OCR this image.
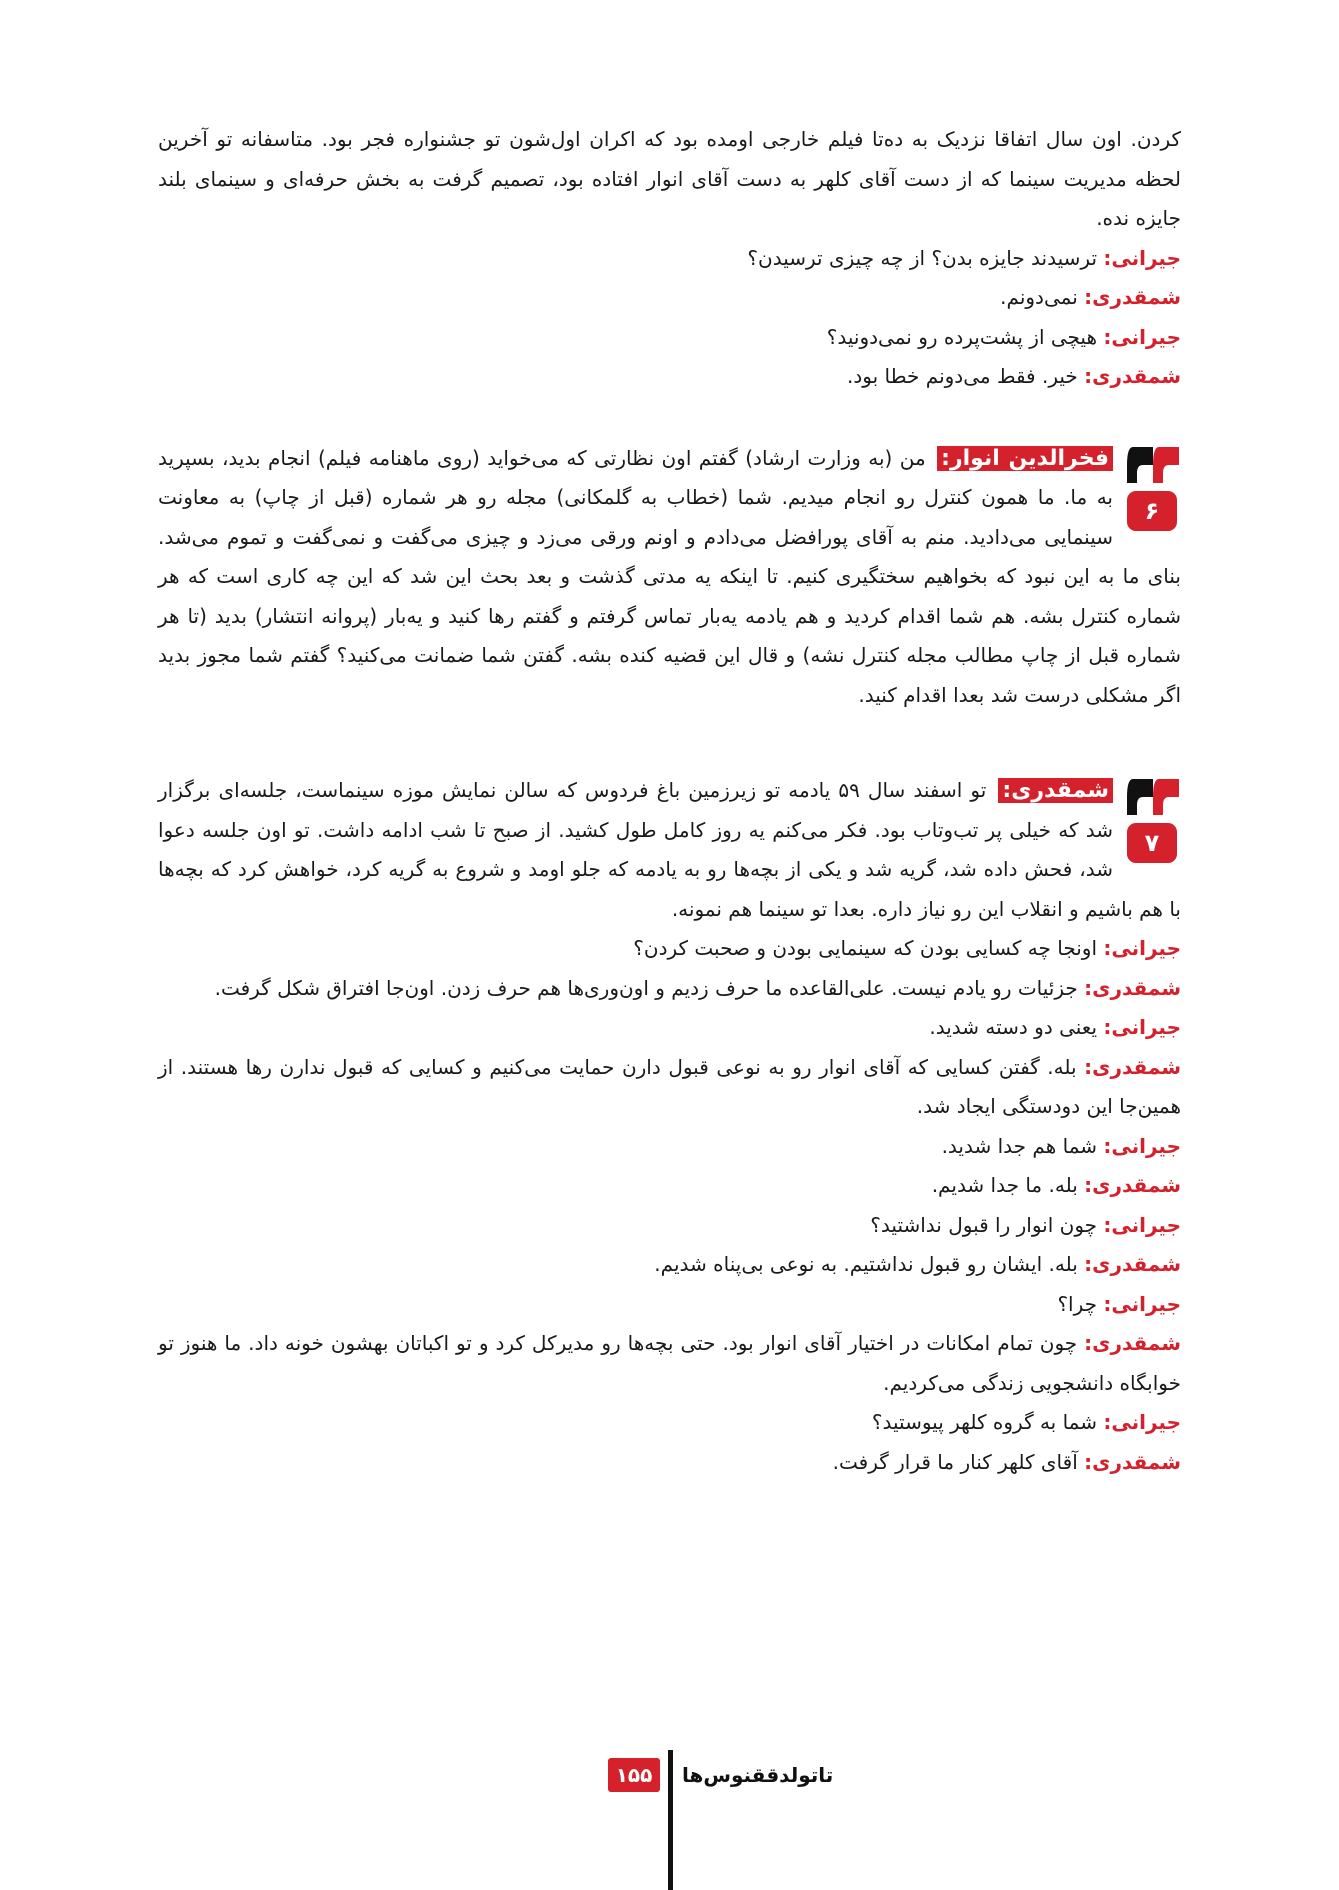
کردن. اون سال اتفاقا نزدیک به ده‌تا فیلم خارجی اومده بود که اکران اول‌شون تو جشنواره فجر بود. متاسفانه تو آخرین لحظه مدیریت سینما که از دست آقای کلهر به دست آقای انوار افتاده بود، تصمیم گرفت به بخش حرفه‌ای و سینمای بلند جایزه نده.

جیرانی: ترسیدند جایزه بدن؟ از چه چیزی ترسیدن؟

شمقدری: نمی‌دونم.

جیرانی: هیچی از پشت‌پرده رو نمی‌دونید؟

شمقدری: خیر. فقط می‌دونم خطا بود.

۶

فخرالدین انوار: من (به وزارت ارشاد) گفتم اون نظارتی که می‌خواید (روی ماهنامه فیلم) انجام بدید، بسپرید به ما. ما همون کنترل رو انجام میدیم. شما (خطاب به گلمکانی) مجله رو هر شماره (قبل از چاپ) به معاونت سینمایی می‌دادید. منم به آقای پورافضل می‌دادم و اونم ورقی می‌زد و چیزی می‌گفت و نمی‌گفت و تموم می‌شد. بنای ما به این نبود که بخواهیم سختگیری کنیم. تا اینکه یه مدتی گذشت و بعد بحث این شد که این چه کاری است که هر شماره کنترل بشه. هم شما اقدام کردید و هم یادمه یه‌بار تماس گرفتم و گفتم رها کنید و یه‌بار (پروانه انتشار) بدید (تا هر شماره قبل از چاپ مطالب مجله کنترل نشه) و قال این قضیه کنده بشه. گفتن شما ضمانت می‌کنید؟ گفتم شما مجوز بدید اگر مشکلی درست شد بعدا اقدام کنید.

۷

شمقدری: تو اسفند سال ۵۹ یادمه تو زیرزمین باغ فردوس که سالن نمایش موزه سینماست، جلسه‌ای برگزار شد که خیلی پر تب‌وتاب بود. فکر می‌کنم یه روز کامل طول کشید. از صبح تا شب ادامه داشت. تو اون جلسه دعوا شد، فحش داده شد، گریه شد و یکی از بچه‌ها رو به یادمه که جلو اومد و شروع به گریه کرد، خواهش کرد که بچه‌ها با هم باشیم و انقلاب این رو نیاز داره. بعدا تو سینما هم نمونه.

جیرانی: اونجا چه کسایی بودن که سینمایی بودن و صحبت کردن؟

شمقدری: جزئیات رو یادم نیست. علی‌القاعده ما حرف زدیم و اون‌وری‌ها هم حرف زدن. اون‌جا افتراق شکل گرفت.

جیرانی: یعنی دو دسته شدید.

شمقدری: بله. گفتن کسایی که آقای انوار رو به نوعی قبول دارن حمایت می‌کنیم و کسایی که قبول ندارن رها هستند. از همین‌جا این دودستگی ایجاد شد.

جیرانی: شما هم جدا شدید.

شمقدری: بله. ما جدا شدیم.

جیرانی: چون انوار را قبول نداشتید؟

شمقدری: بله. ایشان رو قبول نداشتیم. به نوعی بی‌پناه شدیم.

جیرانی: چرا؟

شمقدری: چون تمام امکانات در اختیار آقای انوار بود. حتی بچه‌ها رو مدیرکل کرد و تو اکباتان بهشون خونه داد. ما هنوز تو خوابگاه دانشجویی زندگی می‌کردیم.

جیرانی: شما به گروه کلهر پیوستید؟

شمقدری: آقای کلهر کنار ما قرار گرفت.

۱۵۵	تاتولدققنوس‌ها
